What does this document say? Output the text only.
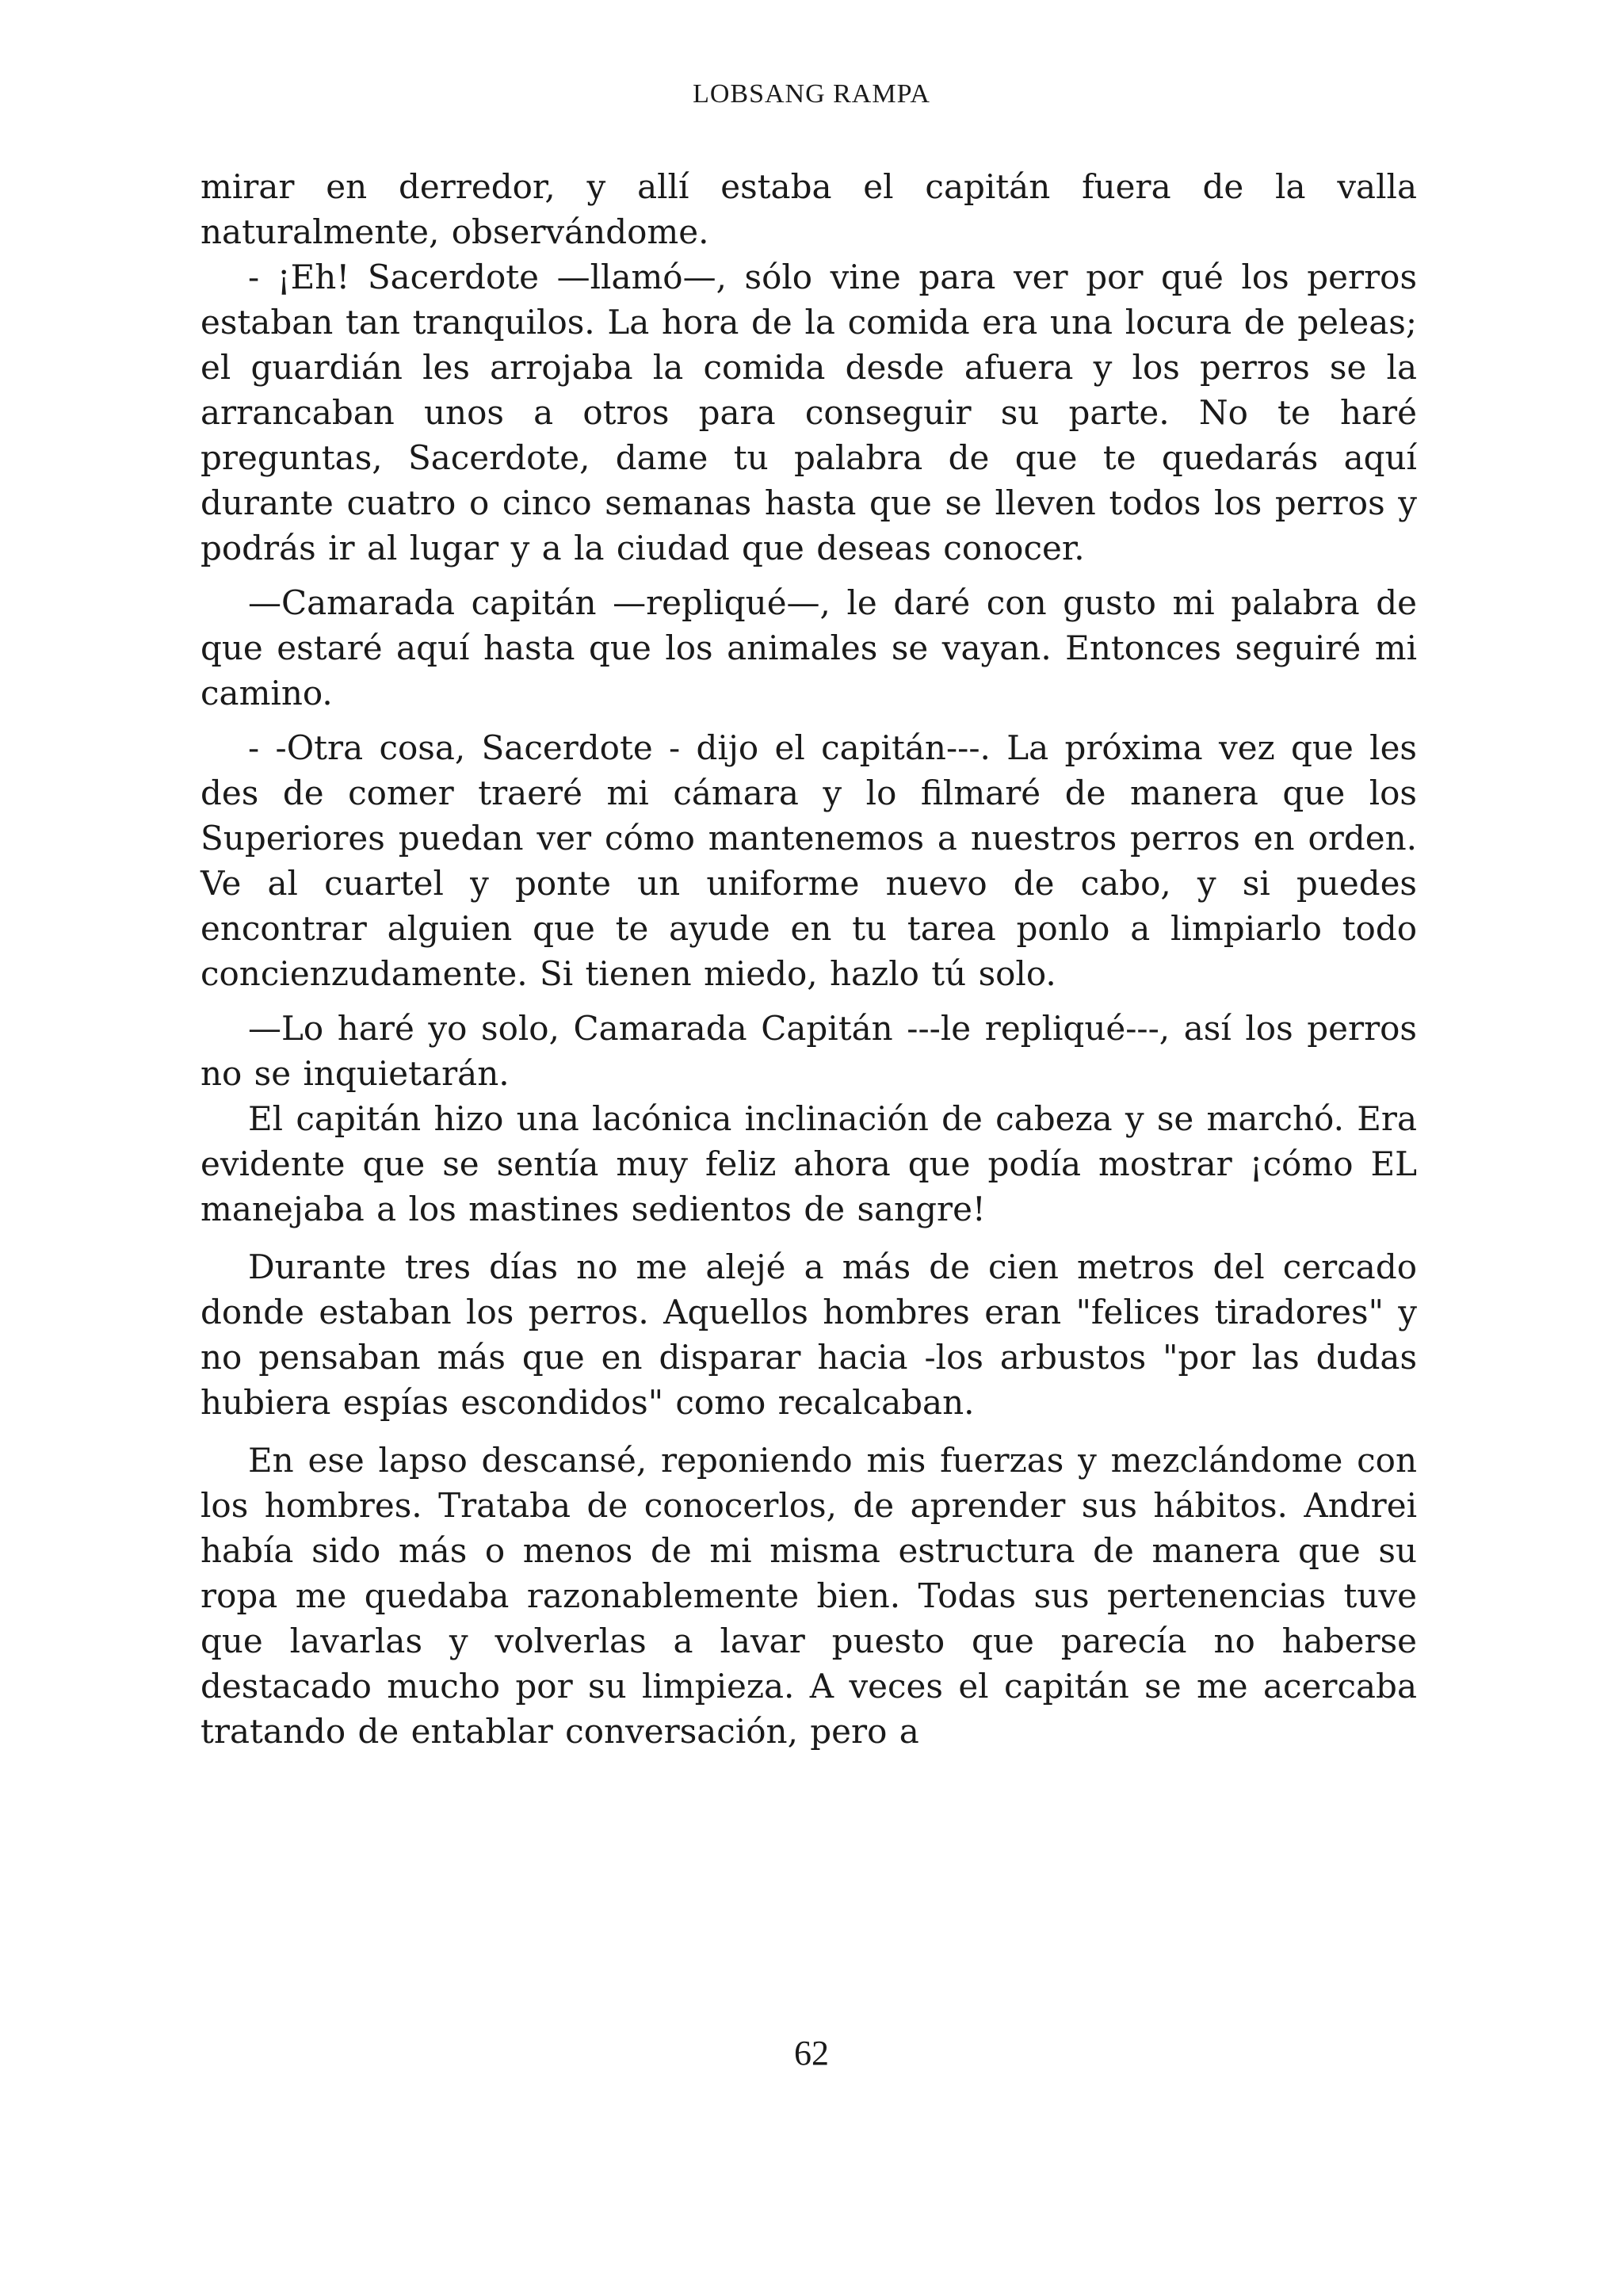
LOBSANG RAMPA

mirar en derredor, y allí estaba el capitán fuera de la valla naturalmente, observándome.

- ¡Eh! Sacerdote —llamó—, sólo vine para ver por qué los perros estaban tan tranquilos. La hora de la comida era una locura de peleas; el guardián les arrojaba la comida desde afuera y los perros se la arrancaban unos a otros para conseguir su parte. No te haré preguntas, Sacerdote, dame tu palabra de que te quedarás aquí durante cuatro o cinco semanas hasta que se lleven todos los perros y podrás ir al lugar y a la ciudad que deseas conocer.

—Camarada capitán —repliqué—, le daré con gusto mi palabra de que estaré aquí hasta que los animales se vayan. Entonces seguiré mi camino.

- -Otra cosa, Sacerdote - dijo el capitán---. La próxima vez que les des de comer traeré mi cámara y lo filmaré de manera que los Superiores puedan ver cómo mantenemos a nuestros perros en orden. Ve al cuartel y ponte un uniforme nuevo de cabo, y si puedes encontrar alguien que te ayude en tu tarea ponlo a limpiarlo todo concienzudamente. Si tienen miedo, hazlo tú solo.

—Lo haré yo solo, Camarada Capitán ---le repliqué---, así los perros no se inquietarán.

El capitán hizo una lacónica inclinación de cabeza y se marchó. Era evidente que se sentía muy feliz ahora que podía mostrar ¡cómo EL manejaba a los mastines sedientos de sangre!

Durante tres días no me alejé a más de cien metros del cercado donde estaban los perros. Aquellos hombres eran "felices tiradores" y no pensaban más que en disparar hacia -los arbustos "por las dudas hubiera espías escondidos" como recalcaban.

En ese lapso descansé, reponiendo mis fuerzas y mezclándome con los hombres. Trataba de conocerlos, de aprender sus hábitos. Andrei había sido más o menos de mi misma estructura de manera que su ropa me quedaba razonablemente bien. Todas sus pertenencias tuve que lavarlas y volverlas a lavar puesto que parecía no haberse destacado mucho por su limpieza. A veces el capitán se me acercaba tratando de entablar conversación, pero a

62
